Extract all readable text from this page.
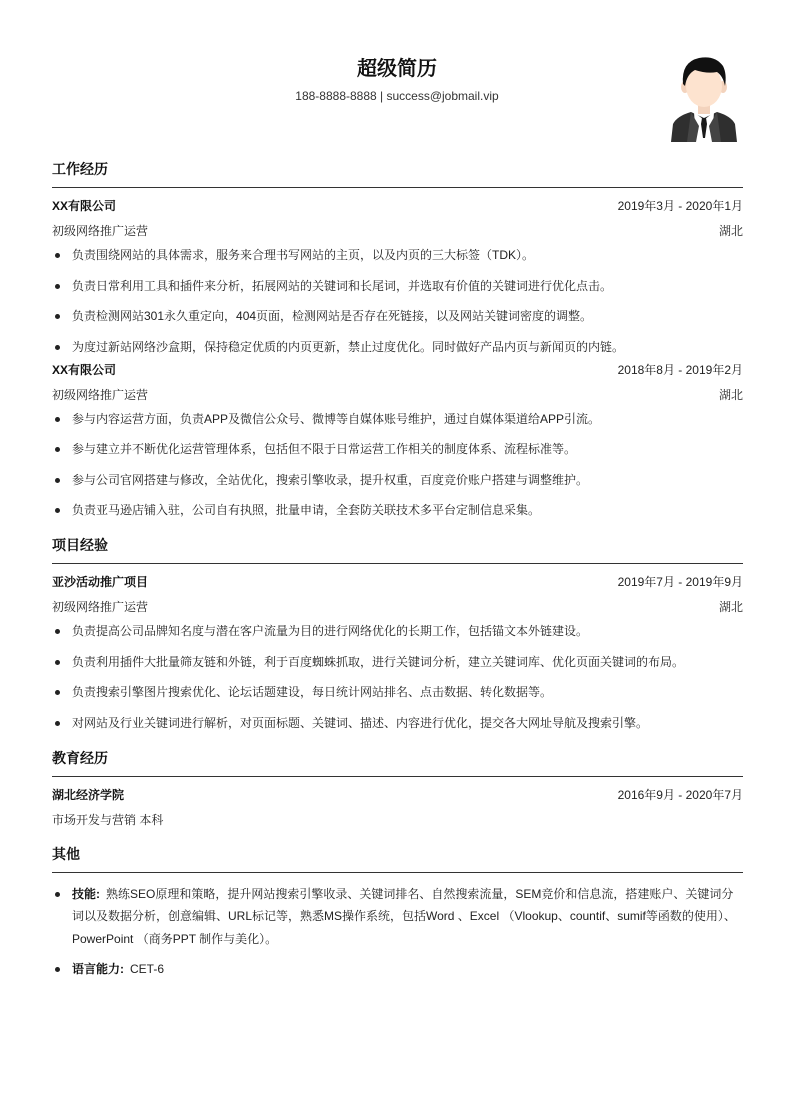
超级简历
188-8888-8888 | success@jobmail.vip
工作经历
XX有限公司	2019年3月 - 2020年1月
初级网络推广运营	湖北
负责围绕网站的具体需求，服务来合理书写网站的主页，以及内页的三大标签（TDK）。
负责日常利用工具和插件来分析，拓展网站的关键词和长尾词，并选取有价值的关键词进行优化点击。
负责检测网站301永久重定向，404页面，检测网站是否存在死链接，以及网站关键词密度的调整。
为度过新站网络沙盒期，保持稳定优质的内页更新，禁止过度优化。同时做好产品内页与新闻页的内链。
XX有限公司	2018年8月 - 2019年2月
初级网络推广运营	湖北
参与内容运营方面，负责APP及微信公众号、微博等自媒体账号维护，通过自媒体渠道给APP引流。
参与建立并不断优化运营管理体系，包括但不限于日常运营工作相关的制度体系、流程标准等。
参与公司官网搭建与修改，全站优化，搜索引擎收录，提升权重，百度竞价账户搭建与调整维护。
负责亚马逊店铺入驻，公司自有执照，批量申请，全套防关联技术多平台定制信息采集。
项目经验
亚沙活动推广项目	2019年7月 - 2019年9月
初级网络推广运营	湖北
负责提高公司品牌知名度与潜在客户流量为目的进行网络优化的长期工作，包括锚文本外链建设。
负责利用插件大批量筛友链和外链，利于百度蜘蛛抓取，进行关键词分析，建立关键词库、优化页面关键词的布局。
负责搜索引擎图片搜索优化、论坛话题建设，每日统计网站排名、点击数据、转化数据等。
对网站及行业关键词进行解析，对页面标题、关键词、描述、内容进行优化，提交各大网址导航及搜索引擎。
教育经历
湖北经济学院	2016年9月 - 2020年7月
市场开发与营销 本科
其他
技能: 熟练SEO原理和策略，提升网站搜索引擎收录、关键词排名、自然搜索流量，SEM竞价和信息流，搭建账户、关键词分词以及数据分析，创意编辑、URL标记等，熟悉MS操作系统，包括Word 、Excel （Vlookup、countif、sumif等函数的使用）、PowerPoint （商务PPT 制作与美化）。
语言能力: CET-6
